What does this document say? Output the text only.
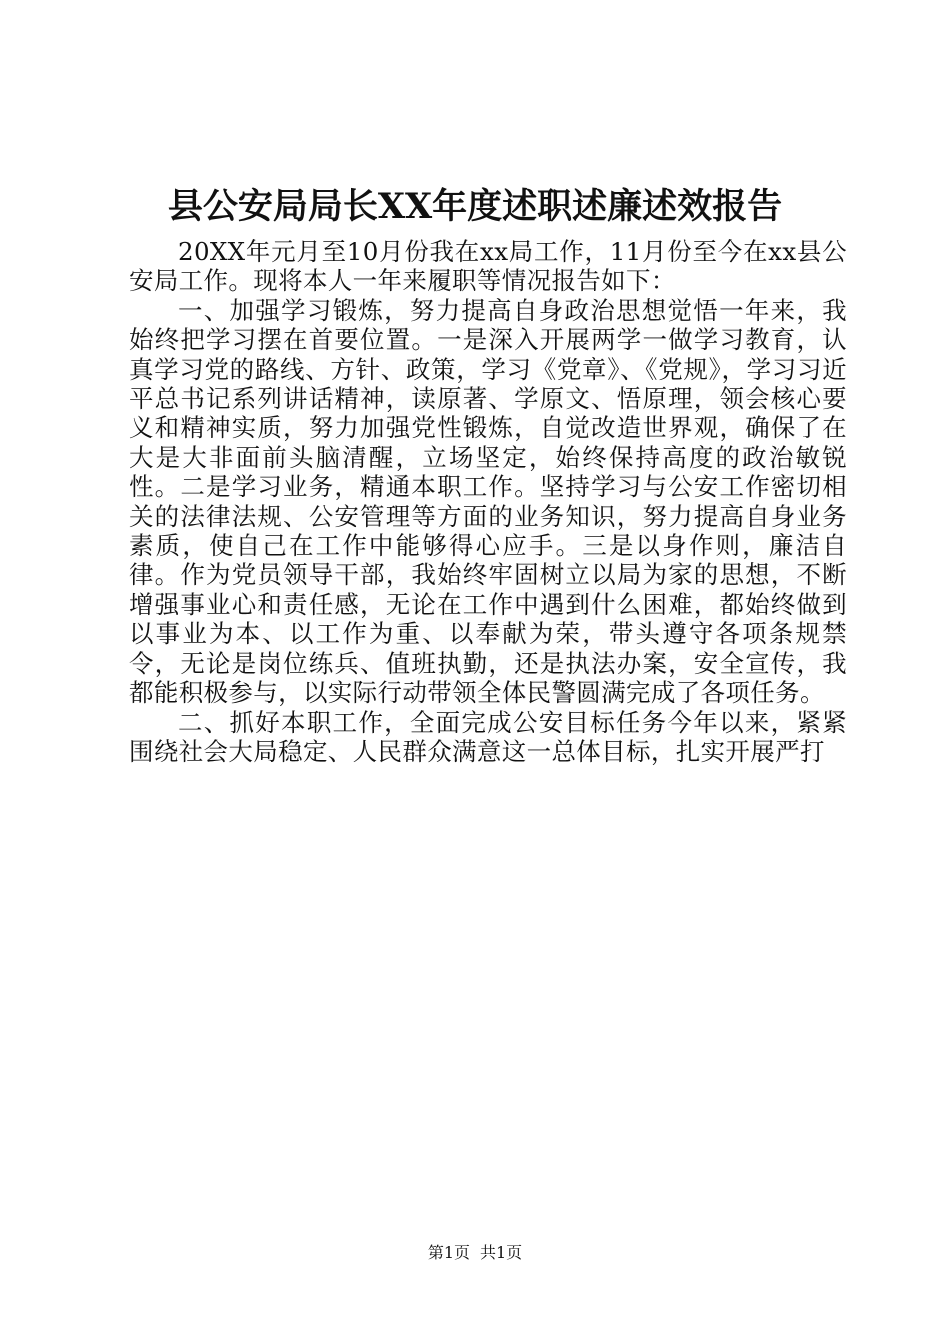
县公安局局长XX年度述职述廉述效报告

20XX年元月至10月份我在xx局工作，11月份至今在xx县公安局工作。现将本人一年来履职等情况报告如下：

一、加强学习锻炼，努力提高自身政治思想觉悟一年来，我始终把学习摆在首要位置。一是深入开展两学一做学习教育，认真学习党的路线、方针、政策，学习《党章》、《党规》，学习习近平总书记系列讲话精神，读原著、学原文、悟原理，领会核心要义和精神实质，努力加强党性锻炼，自觉改造世界观，确保了在大是大非面前头脑清醒，立场坚定，始终保持高度的政治敏锐性。二是学习业务，精通本职工作。坚持学习与公安工作密切相关的法律法规、公安管理等方面的业务知识，努力提高自身业务素质，使自己在工作中能够得心应手。三是以身作则，廉洁自律。作为党员领导干部，我始终牢固树立以局为家的思想，不断增强事业心和责任感，无论在工作中遇到什么困难，都始终做到以事业为本、以工作为重、以奉献为荣，带头遵守各项条规禁令，无论是岗位练兵、值班执勤，还是执法办案，安全宣传，我都能积极参与，以实际行动带领全体民警圆满完成了各项任务。

二、抓好本职工作，全面完成公安目标任务今年以来，紧紧围绕社会大局稳定、人民群众满意这一总体目标，扎实开展严打

第1页 共1页
